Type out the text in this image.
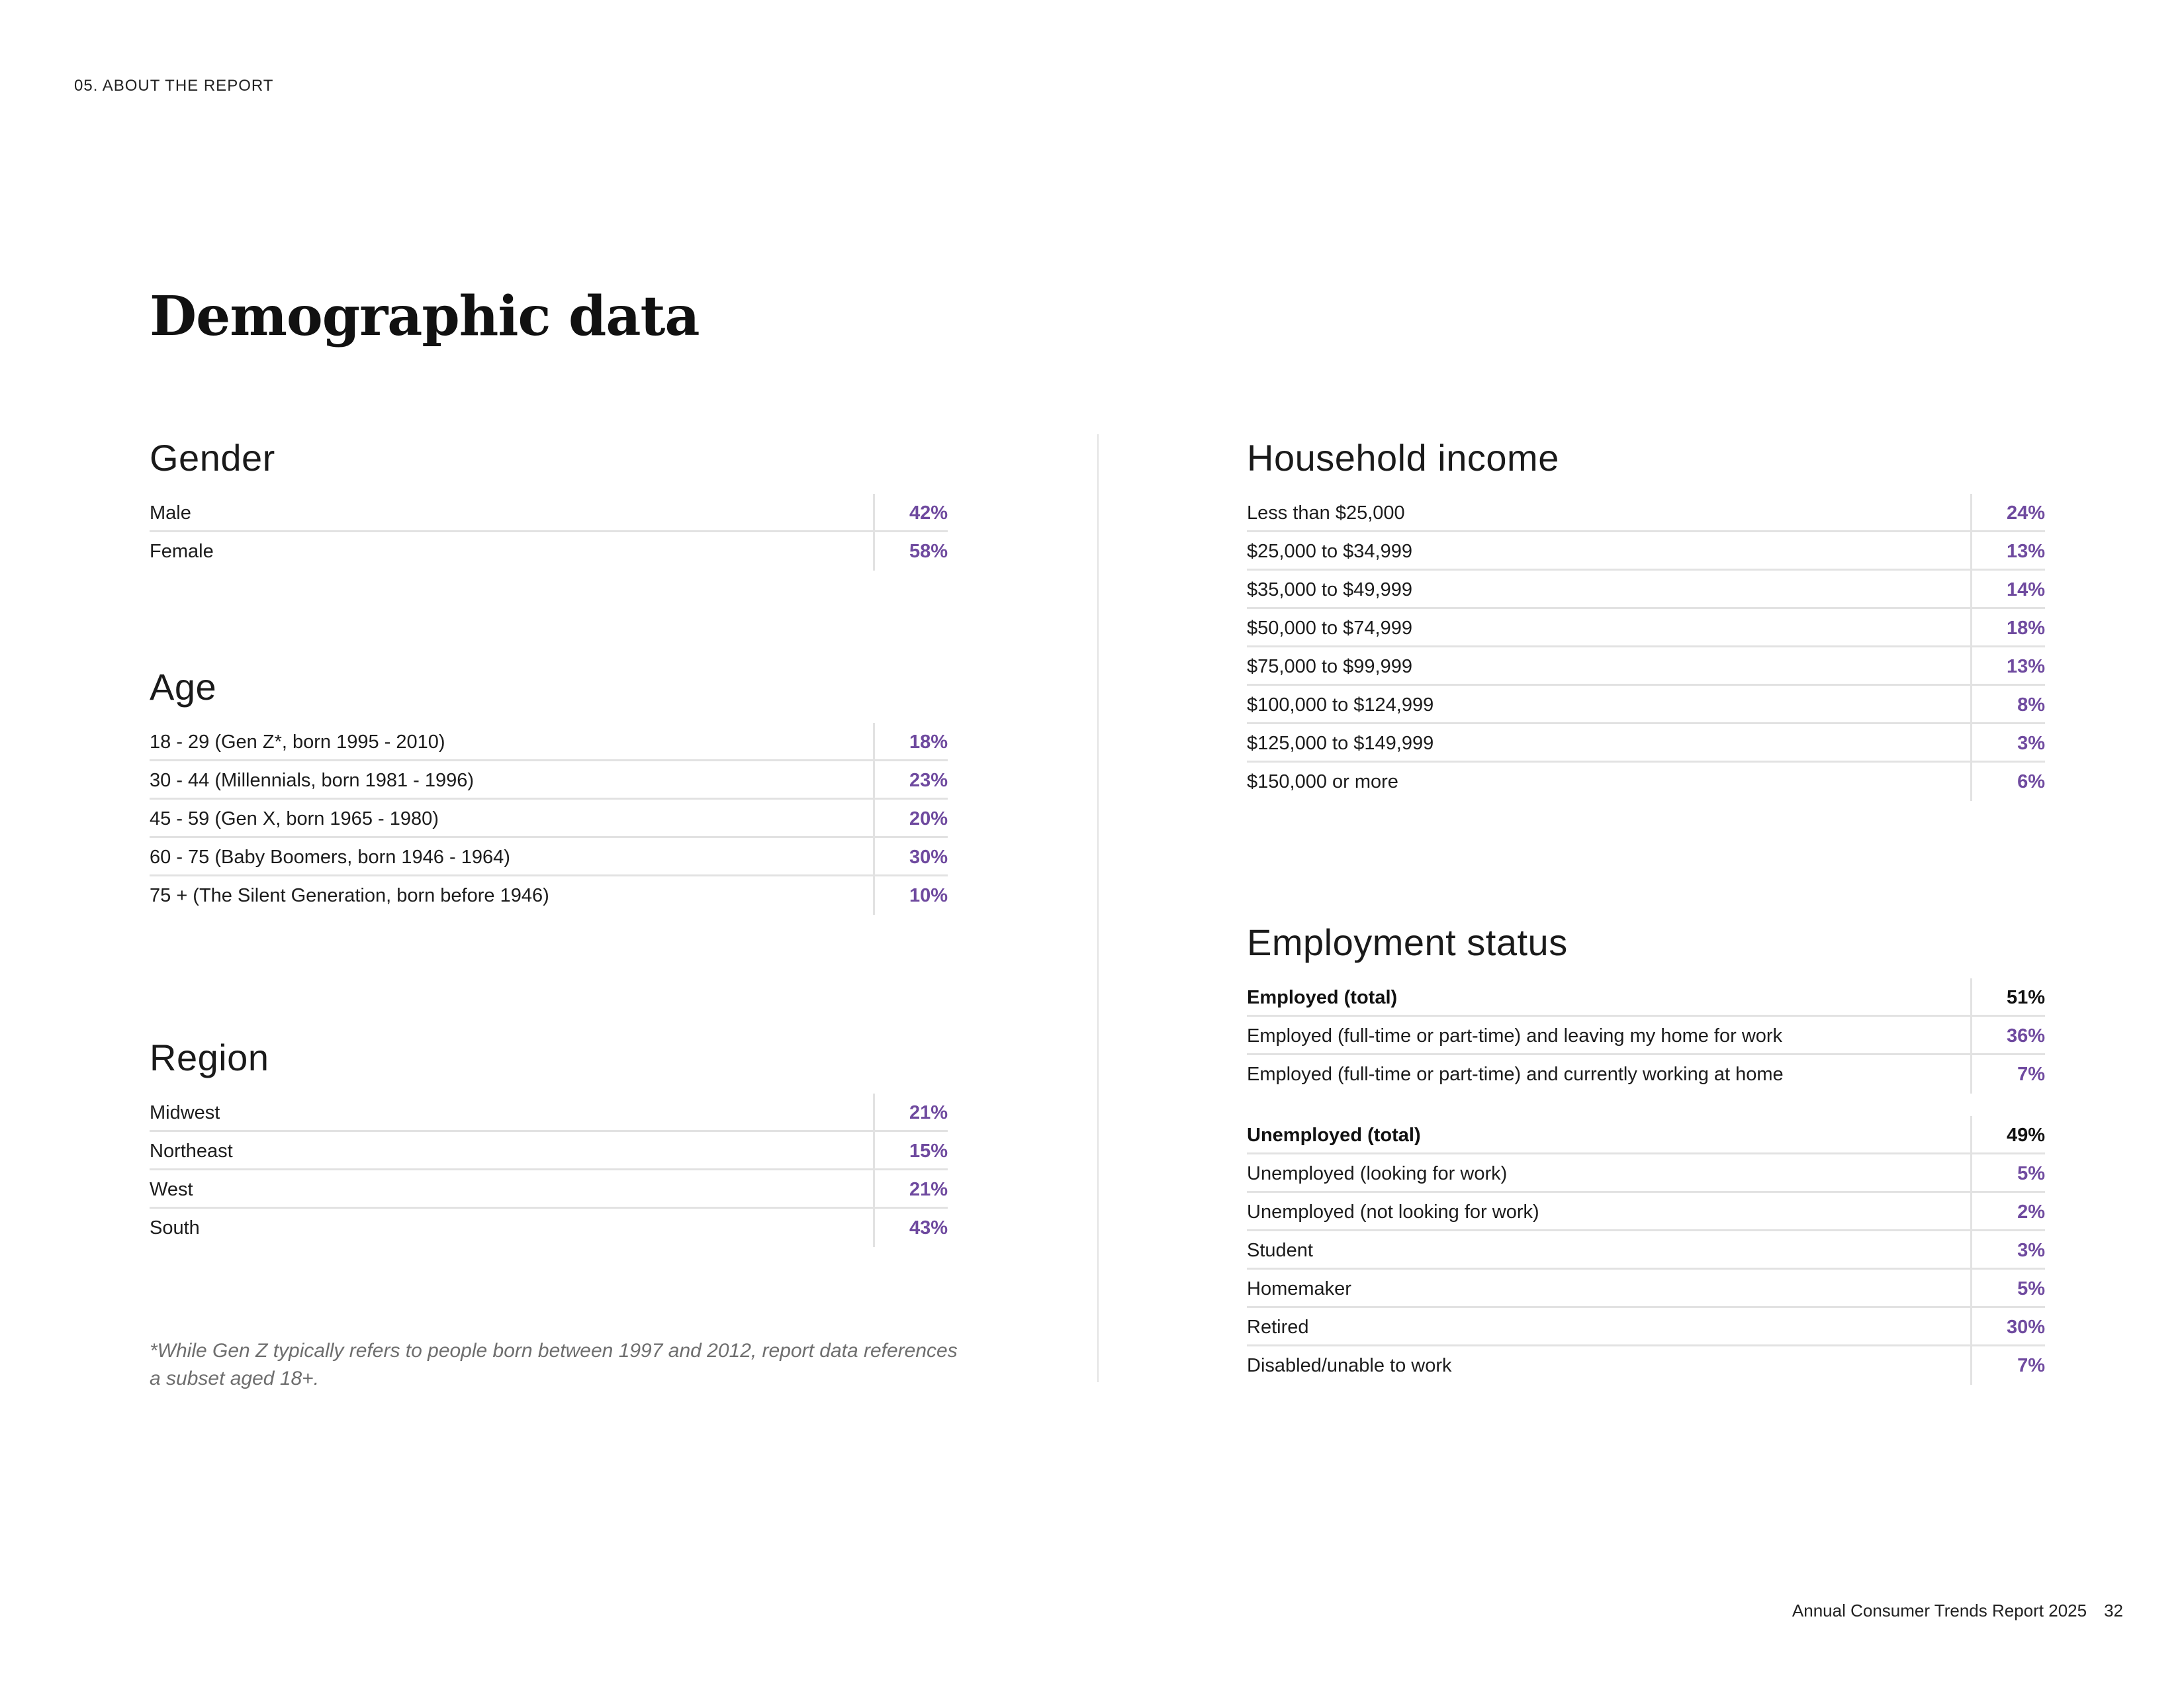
05. ABOUT THE REPORT
Demographic data
Gender
Male	42%
Female	58%
Age
18 - 29 (Gen Z*, born 1995 - 2010)	18%
30 - 44 (Millennials, born 1981 - 1996)	23%
45 - 59 (Gen X, born 1965 - 1980)	20%
60 - 75 (Baby Boomers, born 1946 - 1964)	30%
75 + (The Silent Generation, born before 1946)	10%
Region
Midwest	21%
Northeast	15%
West	21%
South	43%
*While Gen Z typically refers to people born between 1997 and 2012, report data references a subset aged 18+.
Household income
Less than $25,000	24%
$25,000 to $34,999	13%
$35,000 to $49,999	14%
$50,000 to $74,999	18%
$75,000 to $99,999	13%
$100,000 to $124,999	8%
$125,000 to $149,999	3%
$150,000 or more	6%
Employment status
Employed (total)	51%
Employed (full-time or part-time) and leaving my home for work	36%
Employed (full-time or part-time) and currently working at home	7%
Unemployed (total)	49%
Unemployed (looking for work)	5%
Unemployed (not looking for work)	2%
Student	3%
Homemaker	5%
Retired	30%
Disabled/unable to work	7%
Annual Consumer Trends Report 2025 32
